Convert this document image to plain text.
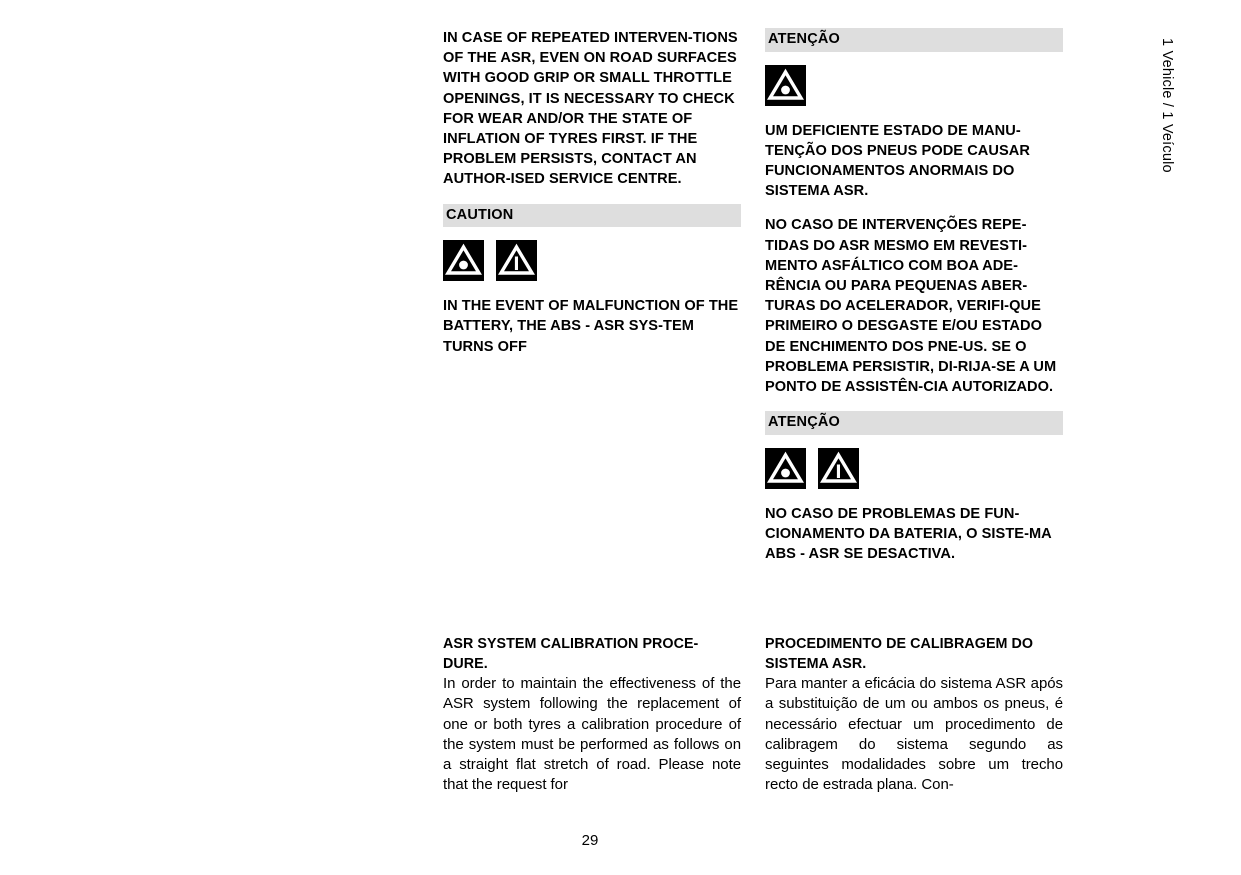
IN CASE OF REPEATED INTERVEN-TIONS OF THE ASR, EVEN ON ROAD SURFACES WITH GOOD GRIP OR SMALL THROTTLE OPENINGS, IT IS NECESSARY TO CHECK FOR WEAR AND/OR THE STATE OF INFLATION OF TYRES FIRST. IF THE PROBLEM PERSISTS, CONTACT AN AUTHOR-ISED SERVICE CENTRE.

CAUTION

IN THE EVENT OF MALFUNCTION OF THE BATTERY, THE ABS - ASR SYS-TEM TURNS OFF

ATENÇÃO

UM DEFICIENTE ESTADO DE MANU-TENÇÃO DOS PNEUS PODE CAUSAR FUNCIONAMENTOS ANORMAIS DO SISTEMA ASR.

NO CASO DE INTERVENÇÕES REPE-TIDAS DO ASR MESMO EM REVESTI-MENTO ASFÁLTICO COM BOA ADE-RÊNCIA OU PARA PEQUENAS ABER-TURAS DO ACELERADOR, VERIFI-QUE PRIMEIRO O DESGASTE E/OU ESTADO DE ENCHIMENTO DOS PNE-US. SE O PROBLEMA PERSISTIR, DI-RIJA-SE A UM PONTO DE ASSISTÊN-CIA AUTORIZADO.

ATENÇÃO

NO CASO DE PROBLEMAS DE FUN-CIONAMENTO DA BATERIA, O SISTE-MA ABS - ASR SE DESACTIVA.

ASR SYSTEM CALIBRATION PROCE-DURE.

In order to maintain the effectiveness of the ASR system following the replacement of one or both tyres a calibration procedure of the system must be performed as follows on a straight flat stretch of road. Please note that the request for

PROCEDIMENTO DE CALIBRAGEM DO SISTEMA ASR.

Para manter a eficácia do sistema ASR após a substituição de um ou ambos os pneus, é necessário efectuar um procedimento de calibragem do sistema segundo as seguintes modalidades sobre um trecho recto de estrada plana. Con-

29
1 Vehicle / 1 Veículo
